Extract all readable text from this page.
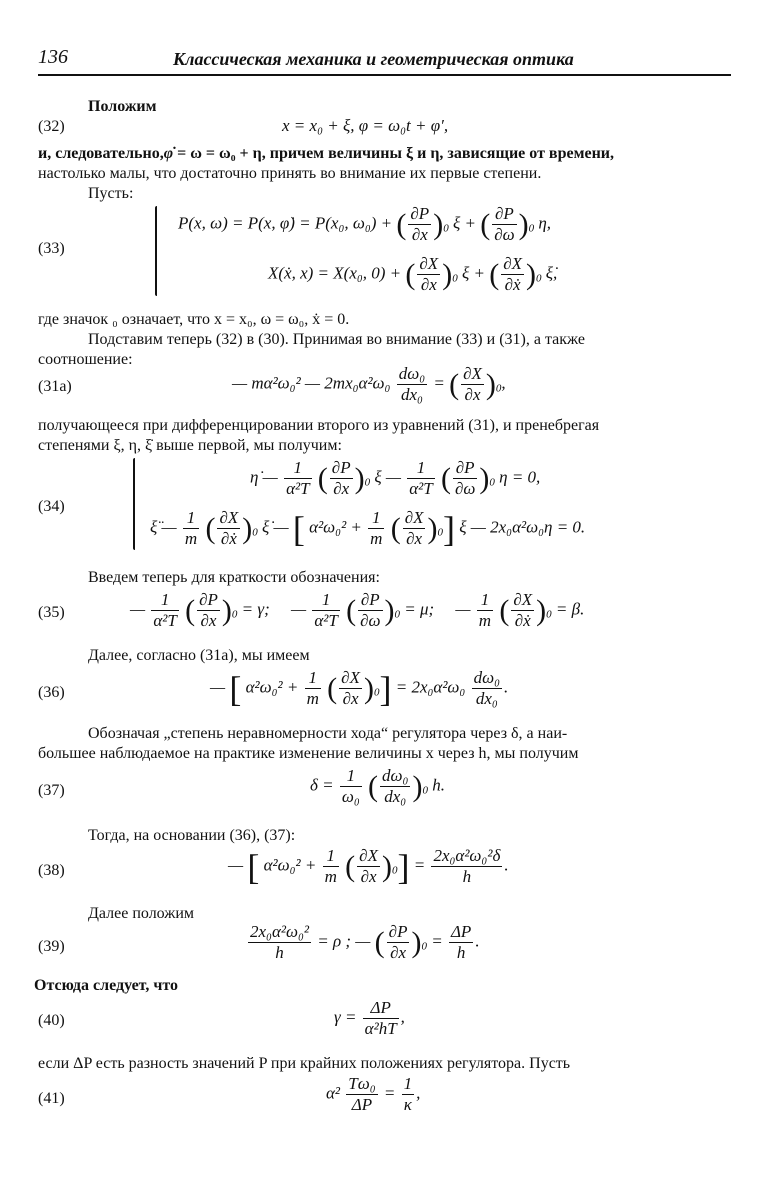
136	Классическая механика и геометрическая оптика
Положим
(32)	x = x₀ + ξ, φ = ω₀t + φ′,
и, следовательно,φ̇ = ω = ω₀ + η, причем величины ξ и η, зависящие от времени,
настолько малы, что достаточно принять во внимание их первые степени.
Пусть:
(33)
P(x, ω) = P(x, φ̇) = P(x₀, ω₀) + ( $\frac{\partial P}{\partial x} )_0$ ξ + ( $\frac{\partial P}{\partial\omega} )_0$ η,
X(ẋ, x) = X(x₀, 0) + ( $\frac{\partial X}{\partial x} )_0$ ξ + ( $\frac{\partial X}{\text{∂ẋ}} )_0$ ξ̇,
где значок ₀ означает, что x = x₀, ω = ω₀, ẋ = 0.
Подставим теперь (32) в (30). Принимая во внимание (33) и (31), а также
соотношение:
(31a)	— mα²ω₀² — $2mx_0\alpha^2\omega_0 \frac{\text{dω₀}}{\text{dx₀}}$ = ( $\frac{\partial X}{\partial x} )_0$,
получающееся при дифференцировании второго из уравнений (31), и пренебрегая
степенями ξ, η, ξ̇ выше первой, мы получим:
(34)
η̇ — $\frac{1}{\text{α²T}}$ ( $\frac{\partial P}{\partial x} )_0$ ξ — $\frac{1}{\text{α²T}}$ ( $\frac{\partial P}{\partial\omega} )_0$ η = 0,
ξ̈ — $\frac{1}{m}$ ( $\frac{\partial X}{\text{∂ẋ}} )_0$ ξ̇ — [ $\alpha^2\omega_0^2 + \frac{1}{m}$ ( $\frac{\partial X}{\partial x} )_0$] ξ — 2x₀α²ω₀η = 0.
Введем теперь для краткости обозначения:
(35)	— $\frac{1}{\text{α²T}}$ ( $\frac{\partial P}{\partial x} )_0 = \gamma$;     — $\frac{1}{\text{α²T}}$ ( $\frac{\partial P}{\partial\omega} )_0 = \mu$;     — $\frac{1}{m}$ ( $\frac{\partial X}{\text{∂ẋ}} )_0 = \beta$.
Далее, согласно (31а), мы имеем
(36)	— [ $\alpha^2\omega_0^2 + \frac{1}{m}$ ( $\frac{\partial X}{\partial x} )_0] = 2x_0\alpha^2\omega_0 \frac{\text{dω₀}}{\text{dx₀}}$ .
Обозначая „степень неравномерности хода“ регулятора через δ, а наи-
большее наблюдаемое на практике изменение величины x через h, мы получим
(37)	$\delta = \frac{1}{\text{ω₀}}$ ( $\frac{\text{dω₀}}{\text{dx₀}} )_0$ h.
Тогда, на основании (36), (37):
(38)	— [ $\alpha^2\omega_0^2 + \frac{1}{m}$ ( $\frac{\partial X}{\partial x} )_0] = \frac{\text{2x₀α²ω₀²δ}}{h}$ .
Далее положим
(39)	$\frac{\text{2x₀α²ω₀²}}{h} = \rho$ ; — ( $\frac{\partial P}{\partial x} )_0 = \frac{\Delta P}{h}$ .
Отсюда следует, что
(40)	$\gamma = \frac{\Delta P}{\text{α²hT}}$ ,
если ΔP есть разность значений P при крайних положениях регулятора. Пусть
(41)	$\alpha^2 \frac{\text{Tω₀}}{\Delta P} = \frac{1}{\kappa}$ ,
